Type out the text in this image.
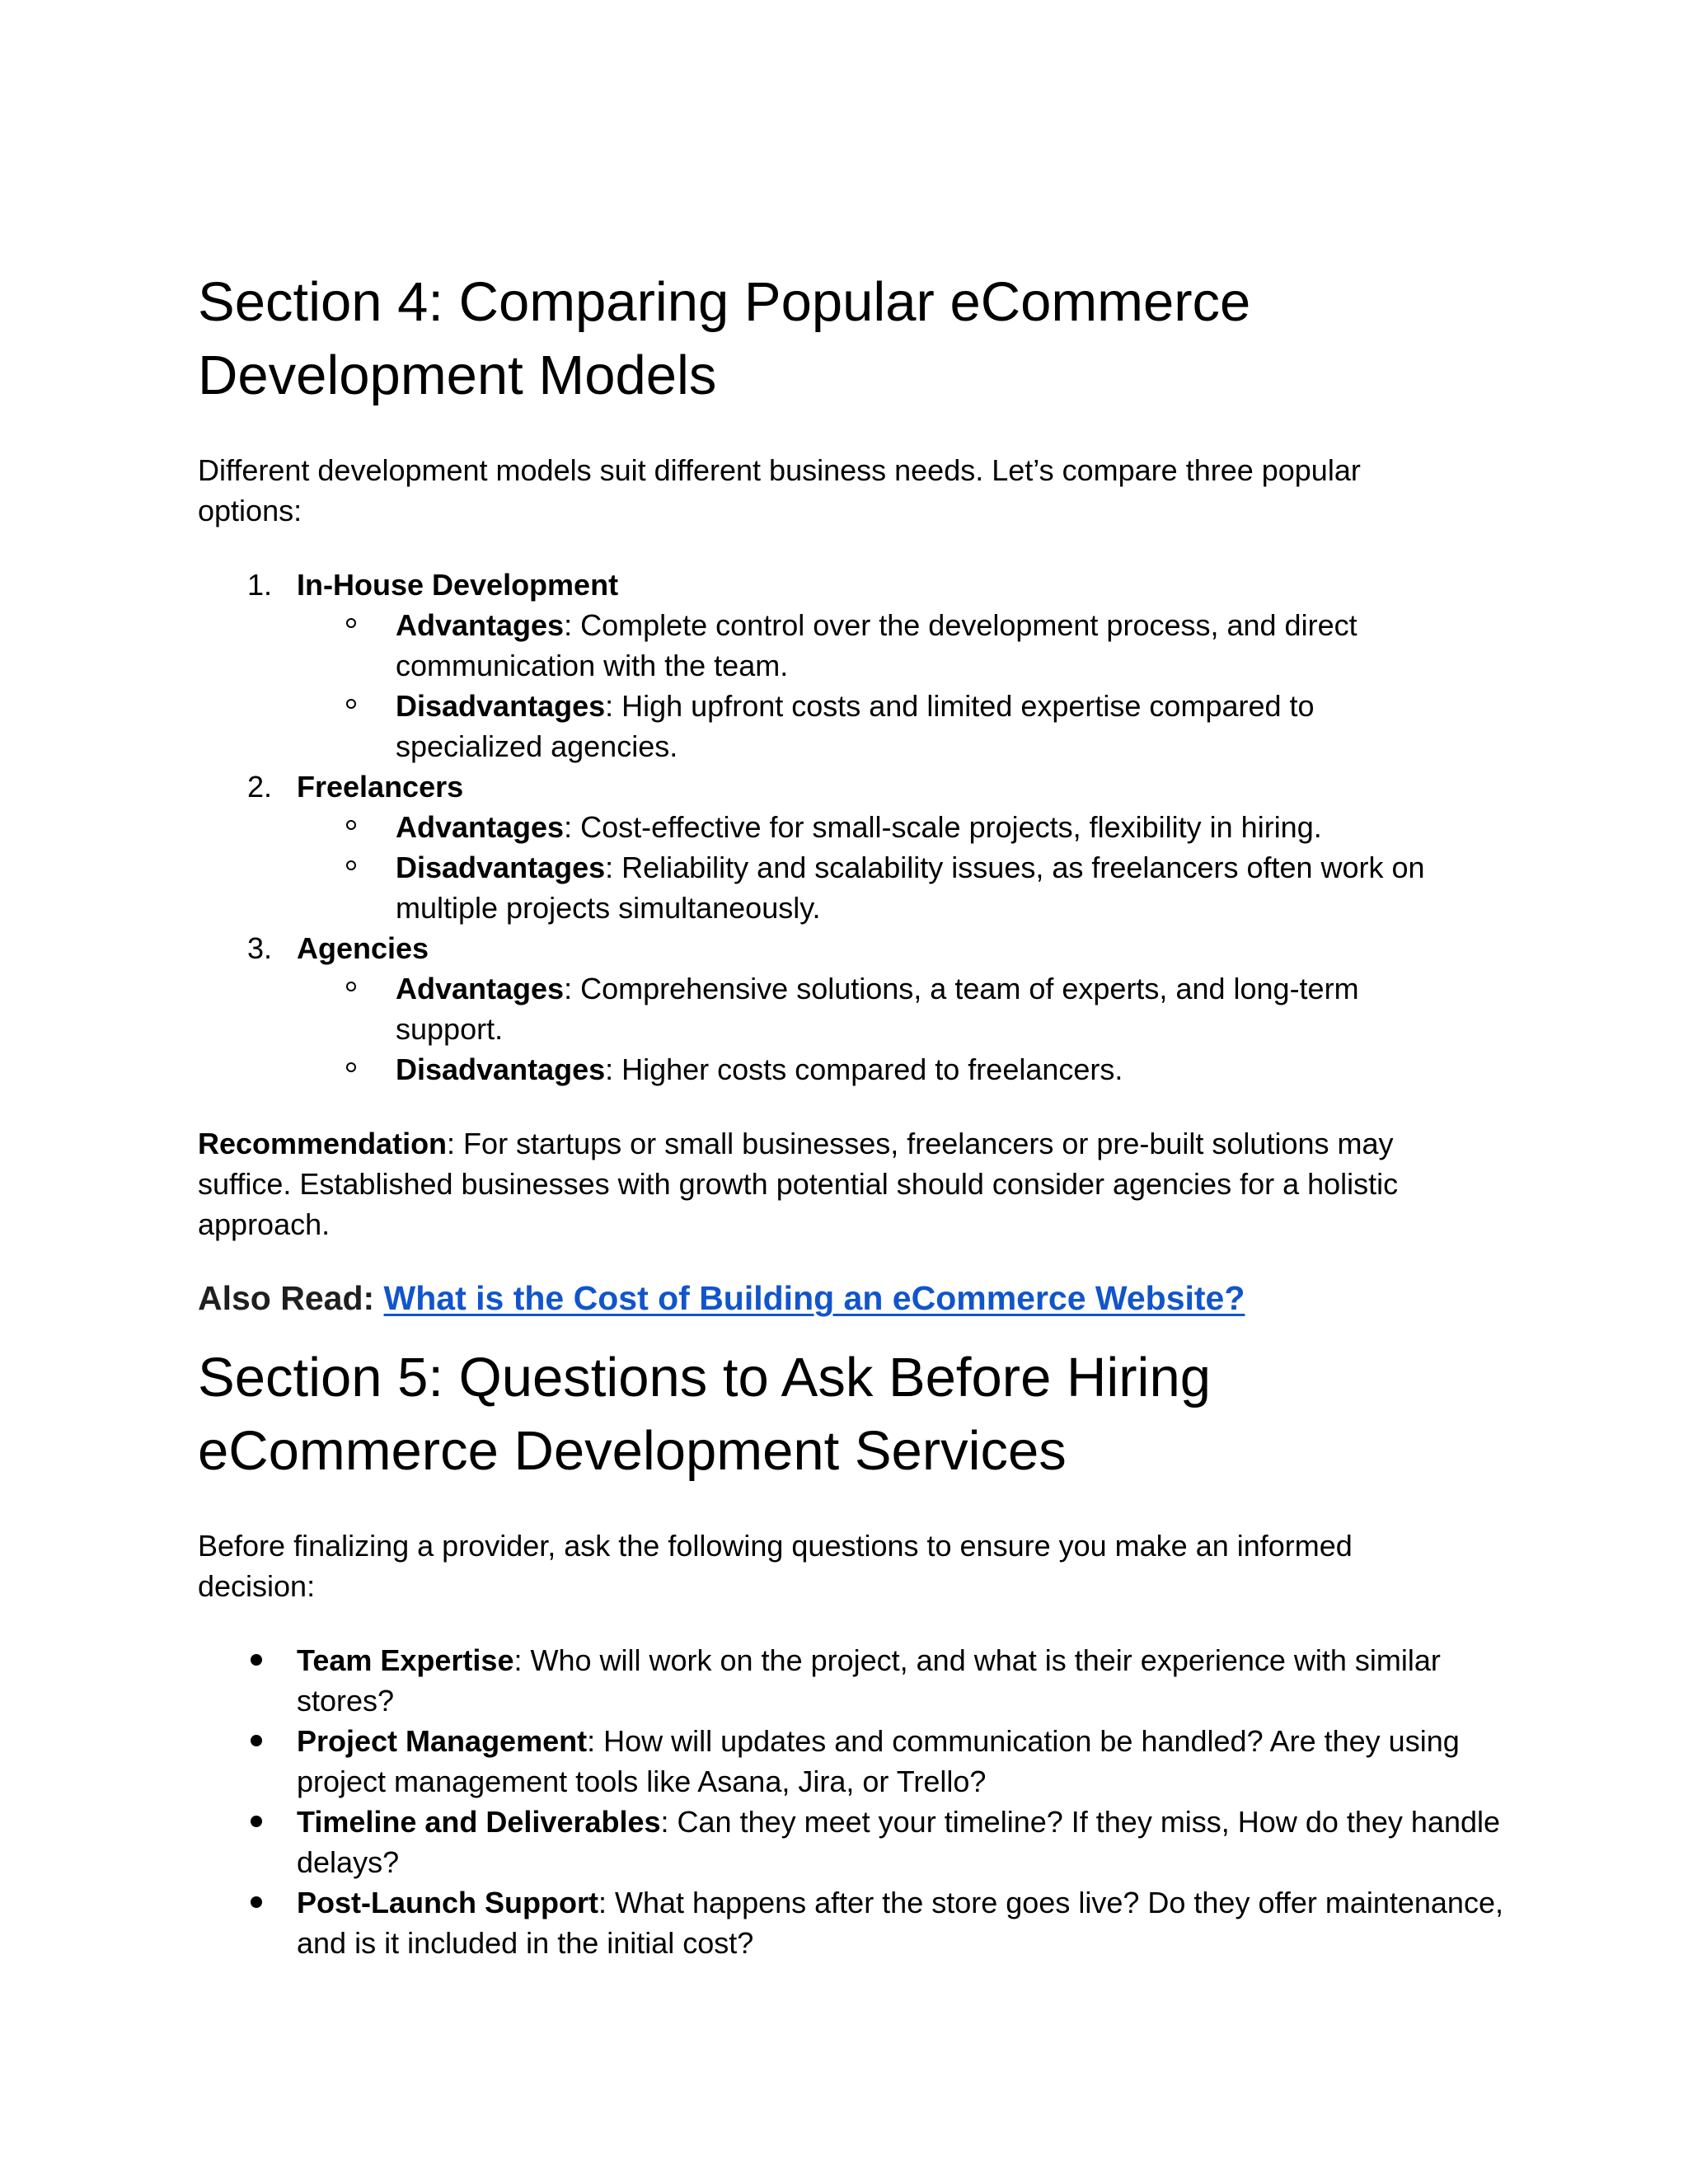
Section 4: Comparing Popular eCommerce
Development Models

Different development models suit different business needs. Let’s compare three popular options:

1. In-House Development
Advantages: Complete control over the development process, and direct communication with the team.
Disadvantages: High upfront costs and limited expertise compared to specialized agencies.
2. Freelancers
Advantages: Cost-effective for small-scale projects, flexibility in hiring.
Disadvantages: Reliability and scalability issues, as freelancers often work on multiple projects simultaneously.
3. Agencies
Advantages: Comprehensive solutions, a team of experts, and long-term support.
Disadvantages: Higher costs compared to freelancers.

Recommendation: For startups or small businesses, freelancers or pre-built solutions may suffice. Established businesses with growth potential should consider agencies for a holistic approach.

Also Read: What is the Cost of Building an eCommerce Website?

Section 5: Questions to Ask Before Hiring
eCommerce Development Services

Before finalizing a provider, ask the following questions to ensure you make an informed decision:

Team Expertise: Who will work on the project, and what is their experience with similar stores?
Project Management: How will updates and communication be handled? Are they using project management tools like Asana, Jira, or Trello?
Timeline and Deliverables: Can they meet your timeline? If they miss, How do they handle delays?
Post-Launch Support: What happens after the store goes live? Do they offer maintenance, and is it included in the initial cost?
